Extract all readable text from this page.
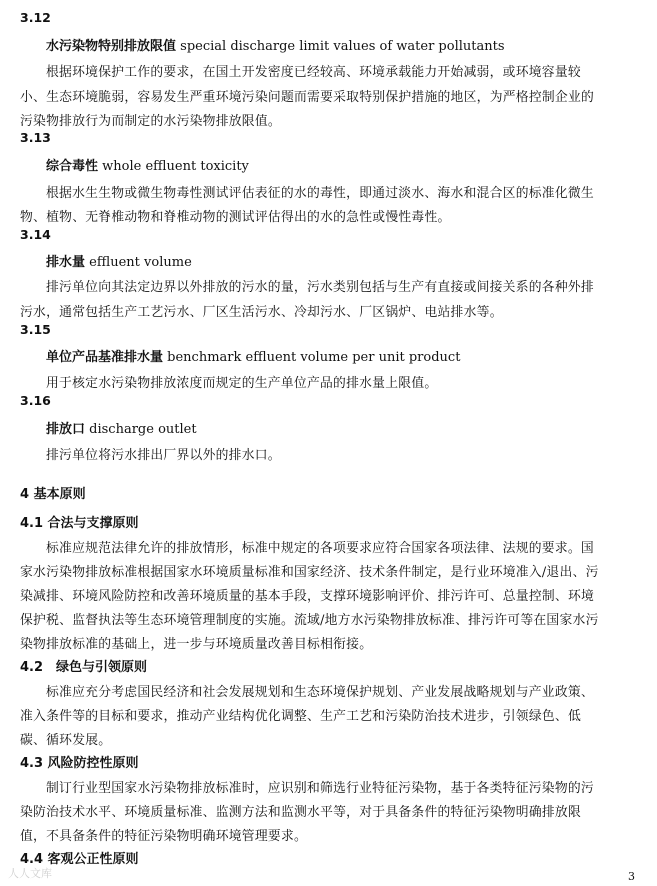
3.12
水污染物特别排放限值 special discharge limit values of water pollutants
根据环境保护工作的要求，在国土开发密度已经较高、环境承载能力开始减弱，或环境容量较
小、生态环境脆弱，容易发生严重环境污染问题而需要采取特别保护措施的地区，为严格控制企业的
污染物排放行为而制定的水污染物排放限值。
3.13
综合毒性 whole effluent toxicity
根据水生生物或微生物毒性测试评估表征的水的毒性，即通过淡水、海水和混合区的标准化微生
物、植物、无脊椎动物和脊椎动物的测试评估得出的水的急性或慢性毒性。
3.14
排水量 effluent volume
排污单位向其法定边界以外排放的污水的量，污水类别包括与生产有直接或间接关系的各种外排
污水，通常包括生产工艺污水、厂区生活污水、冷却污水、厂区锅炉、电站排水等。
3.15
单位产品基准排水量 benchmark effluent volume per unit product
用于核定水污染物排放浓度而规定的生产单位产品的排水量上限值。
3.16
排放口 discharge outlet
排污单位将污水排出厂界以外的排水口。
4 基本原则
4.1 合法与支撑原则
标准应规范法律允许的排放情形，标准中规定的各项要求应符合国家各项法律、法规的要求。国
家水污染物排放标准根据国家水环境质量标准和国家经济、技术条件制定，是行业环境准入/退出、污
染减排、环境风险防控和改善环境质量的基本手段，支撑环境影响评价、排污许可、总量控制、环境
保护税、监督执法等生态环境管理制度的实施。流域/地方水污染物排放标准、排污许可等在国家水污
染物排放标准的基础上，进一步与环境质量改善目标相衔接。
4.2　绿色与引领原则
标准应充分考虑国民经济和社会发展规划和生态环境保护规划、产业发展战略规划与产业政策、
准入条件等的目标和要求，推动产业结构优化调整、生产工艺和污染防治技术进步，引领绿色、低
碳、循环发展。
4.3 风险防控性原则
制订行业型国家水污染物排放标准时，应识别和筛选行业特征污染物，基于各类特征污染物的污
染防治技术水平、环境质量标准、监测方法和监测水平等，对于具备条件的特征污染物明确排放限
值，不具备条件的特征污染物明确环境管理要求。
4.4 客观公正性原则
人人文库	3
